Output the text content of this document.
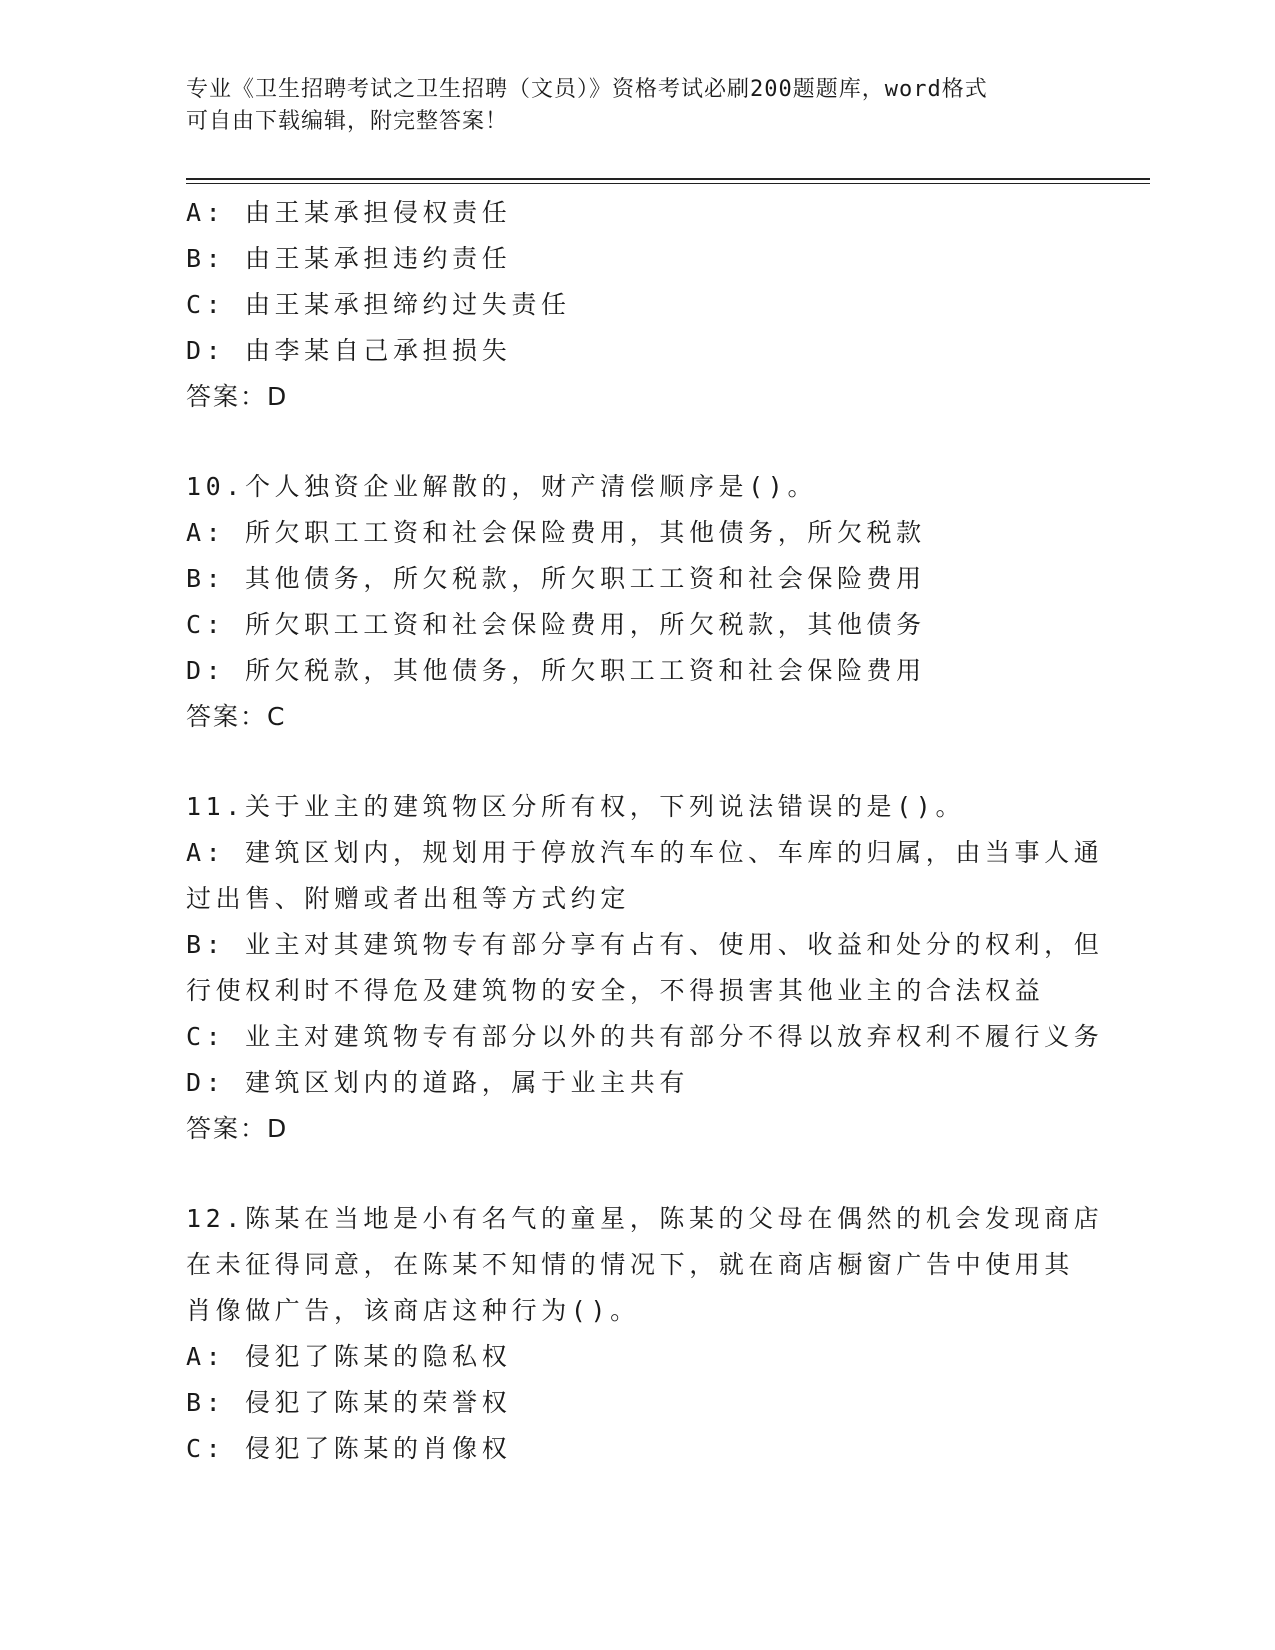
专业《卫生招聘考试之卫生招聘（文员）》资格考试必刷200题题库，word格式
可自由下载编辑，附完整答案！

A: 由王某承担侵权责任

B: 由王某承担违约责任

C: 由王某承担缔约过失责任

D: 由李某自己承担损失

答案：D

10.个人独资企业解散的，财产清偿顺序是()。

A: 所欠职工工资和社会保险费用，其他债务，所欠税款

B: 其他债务，所欠税款，所欠职工工资和社会保险费用

C: 所欠职工工资和社会保险费用，所欠税款，其他债务

D: 所欠税款，其他债务，所欠职工工资和社会保险费用

答案：C

11.关于业主的建筑物区分所有权，下列说法错误的是()。

A: 建筑区划内，规划用于停放汽车的车位、车库的归属，由当事人通

过出售、附赠或者出租等方式约定

B: 业主对其建筑物专有部分享有占有、使用、收益和处分的权利，但

行使权利时不得危及建筑物的安全，不得损害其他业主的合法权益

C: 业主对建筑物专有部分以外的共有部分不得以放弃权利不履行义务

D: 建筑区划内的道路，属于业主共有

答案：D

12.陈某在当地是小有名气的童星，陈某的父母在偶然的机会发现商店

在未征得同意，在陈某不知情的情况下，就在商店橱窗广告中使用其

肖像做广告，该商店这种行为()。

A: 侵犯了陈某的隐私权

B: 侵犯了陈某的荣誉权

C: 侵犯了陈某的肖像权
